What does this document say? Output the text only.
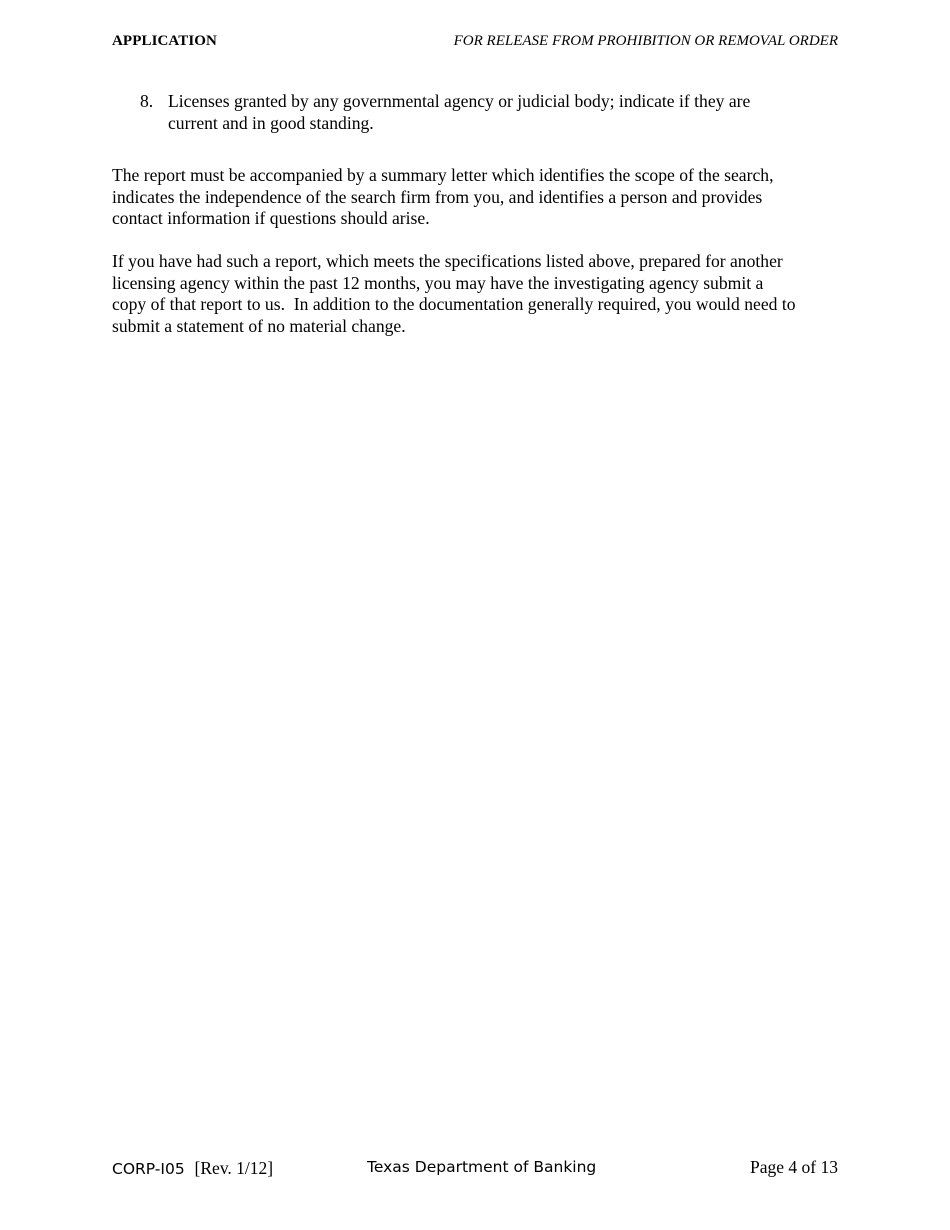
APPLICATION	FOR RELEASE FROM PROHIBITION OR REMOVAL ORDER
8. Licenses granted by any governmental agency or judicial body; indicate if they are
current and in good standing.
The report must be accompanied by a summary letter which identifies the scope of the search,
indicates the independence of the search firm from you, and identifies a person and provides
contact information if questions should arise.
If you have had such a report, which meets the specifications listed above, prepared for another
licensing agency within the past 12 months, you may have the investigating agency submit a
copy of that report to us.  In addition to the documentation generally required, you would need to
submit a statement of no material change.
CORP-I05 [Rev. 1/12]	Texas Department of Banking	Page 4 of 13
